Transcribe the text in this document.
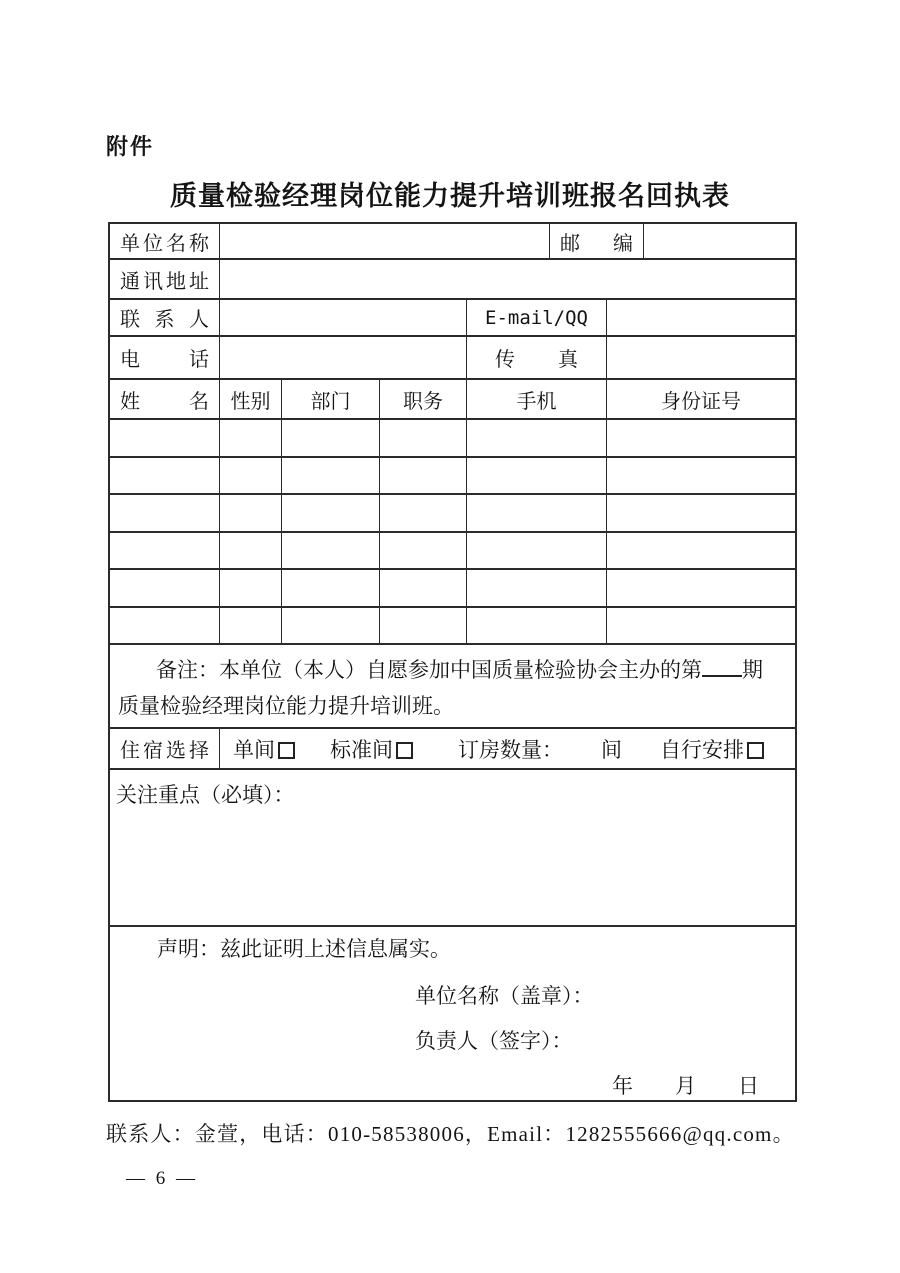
附件
质量检验经理岗位能力提升培训班报名回执表
单位名称	邮编
通讯地址
联系人	E-mail/QQ
电话	传真
姓名	性别	部门	职务	手机	身份证号
备注：本单位（本人）自愿参加中国质量检验协会主办的第 期
质量检验经理岗位能力提升培训班。
住宿选择 单间	标准间	订房数量： 间 自行安排
关注重点（必填）：
声明：兹此证明上述信息属实。
单位名称（盖章）：
负责人（签字）：
年　　月　　日
联系人：金萱，电话：010-58538006，Email：1282555666@qq.com。
— 6 —
